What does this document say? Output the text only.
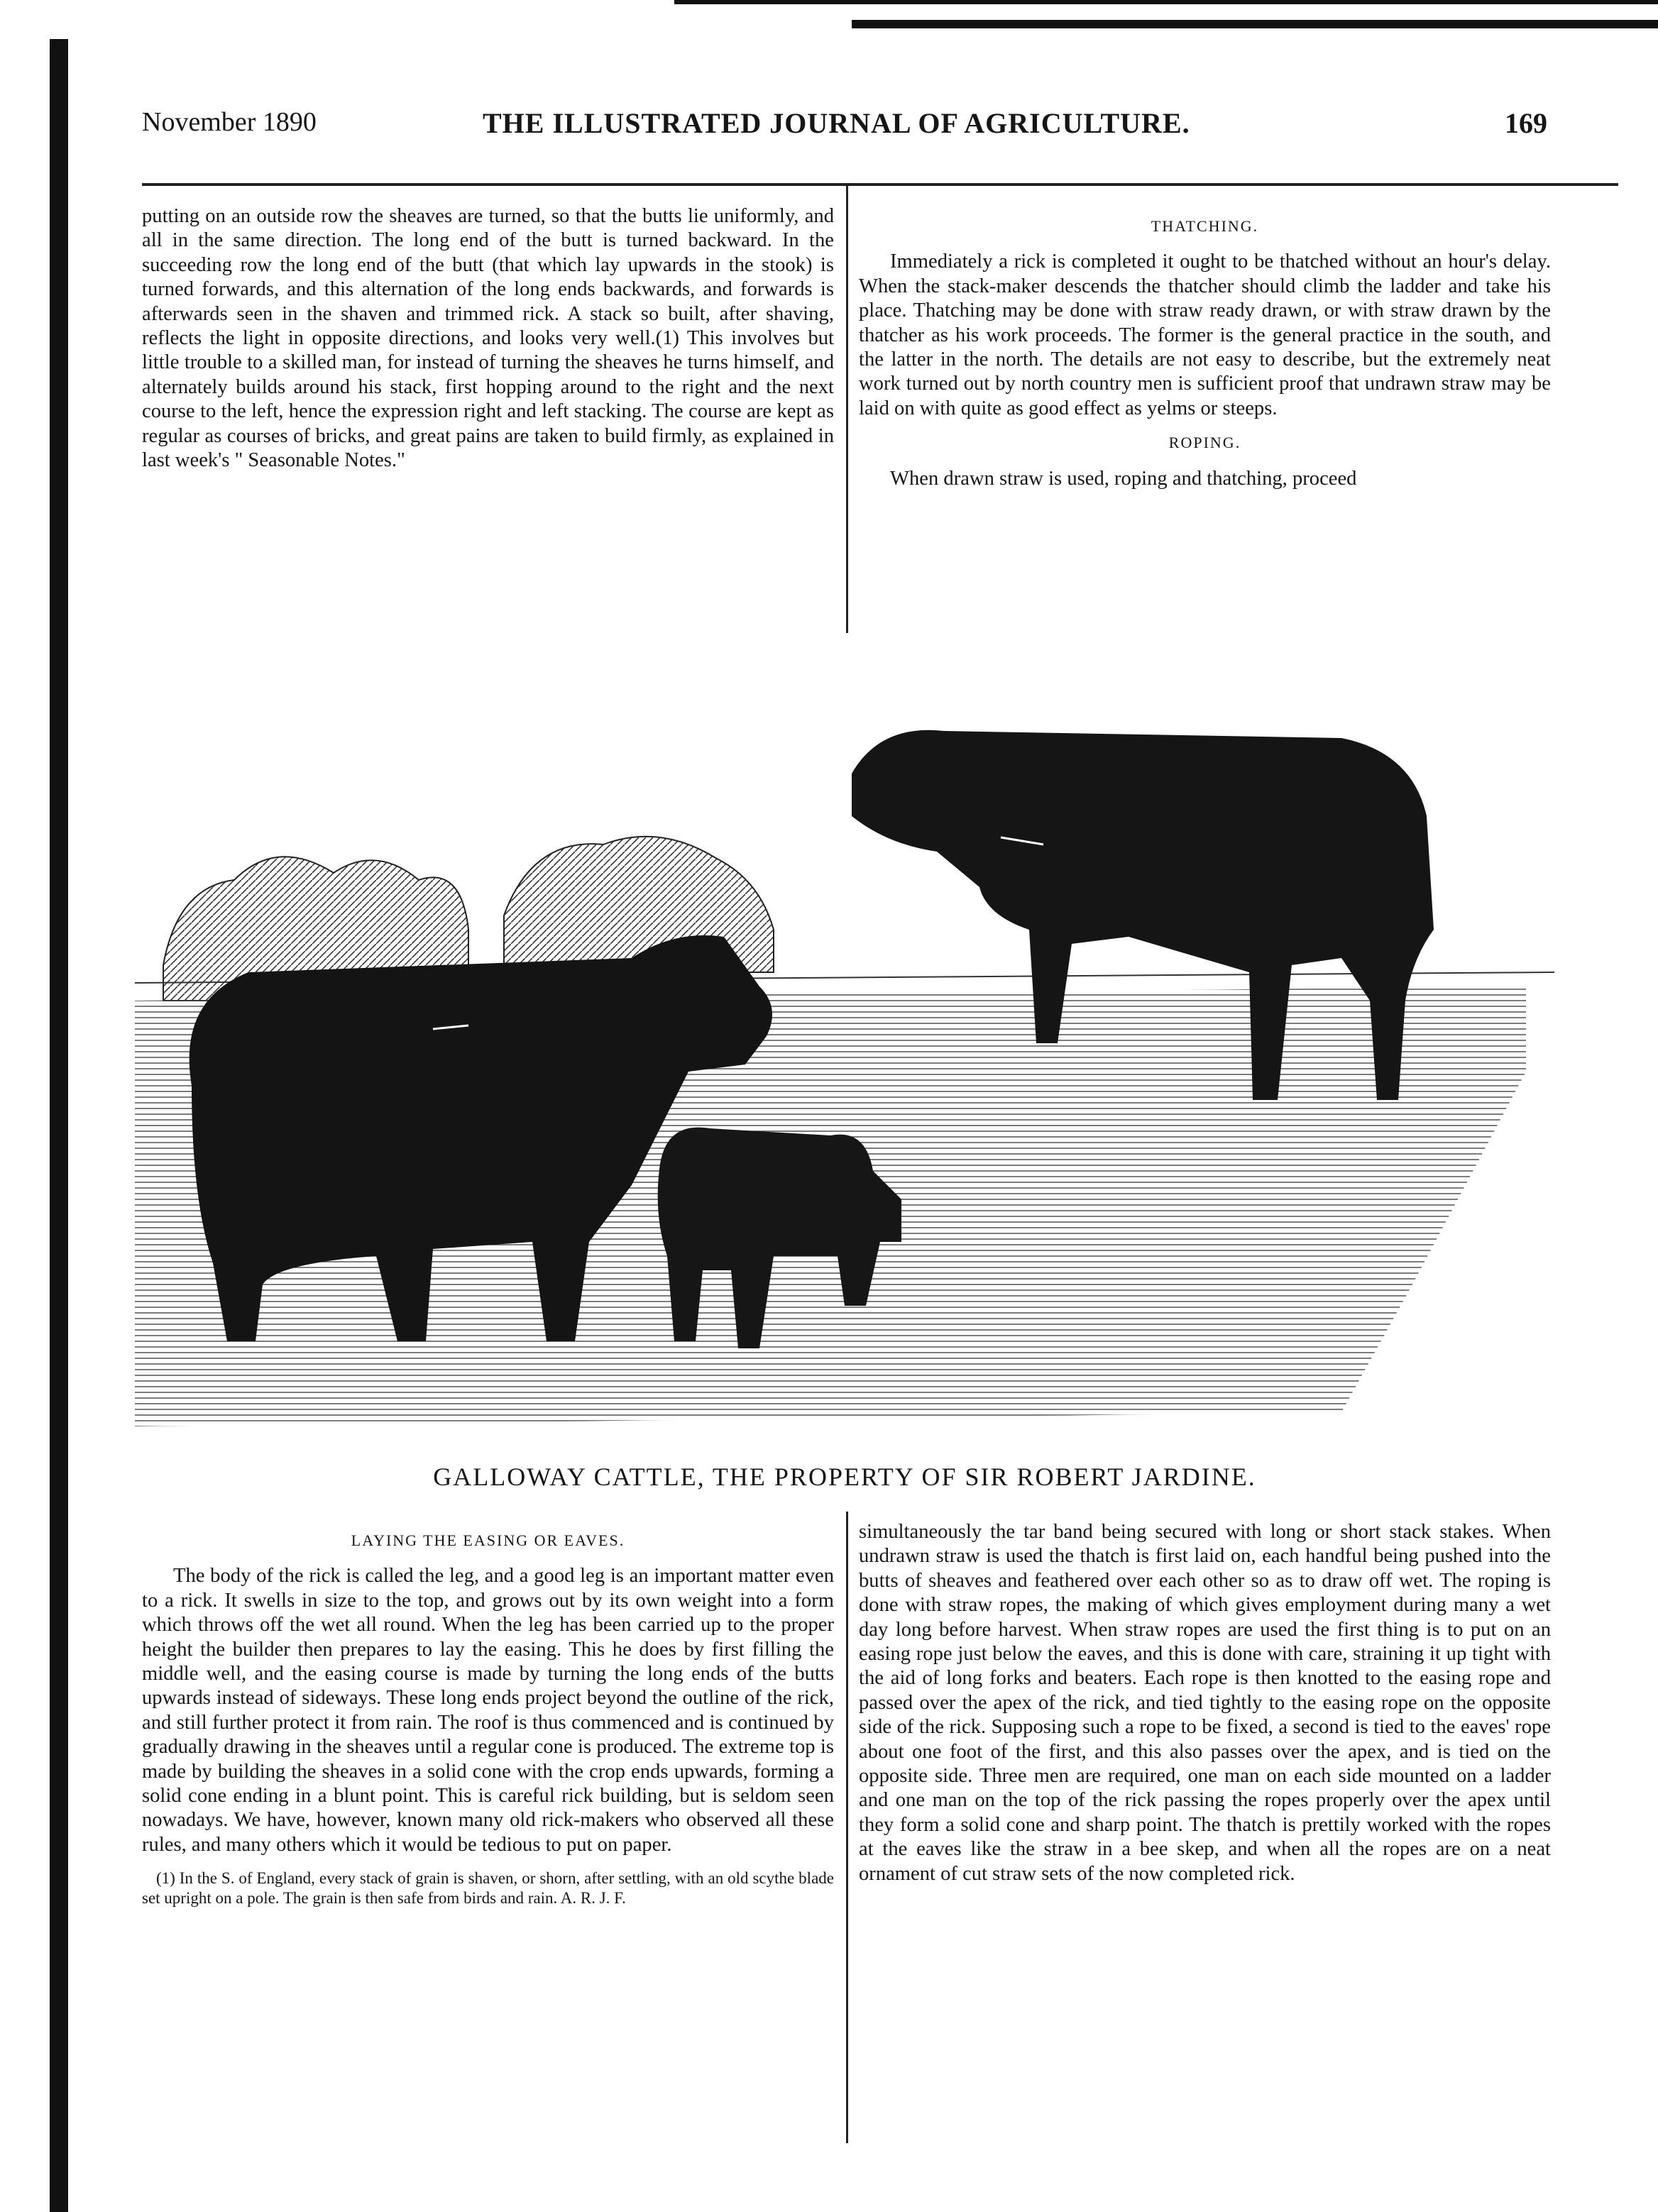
November 1890	THE ILLUSTRATED JOURNAL OF AGRICULTURE.	169

putting on an outside row the sheaves are turned, so that the butts lie uniformly, and all in the same direction. The long end of the butt is turned backward. In the succeeding row the long end of the butt (that which lay upwards in the stook) is turned forwards, and this alternation of the long ends backwards, and forwards is afterwards seen in the shaven and trimmed rick. A stack so built, after shaving, reflects the light in opposite directions, and looks very well.(1) This involves but little trouble to a skilled man, for instead of turning the sheaves he turns himself, and alternately builds around his stack, first hopping around to the right and the next course to the left, hence the expression right and left stacking. The course are kept as regular as courses of bricks, and great pains are taken to build firmly, as explained in last week's " Seasonable Notes."

THATCHING.

Immediately a rick is completed it ought to be thatched without an hour's delay. When the stack-maker descends the thatcher should climb the ladder and take his place. Thatching may be done with straw ready drawn, or with straw drawn by the thatcher as his work proceeds. The former is the general practice in the south, and the latter in the north. The details are not easy to describe, but the extremely neat work turned out by north country men is sufficient proof that undrawn straw may be laid on with quite as good effect as yelms or steeps.

ROPING.

When drawn straw is used, roping and thatching, proceed

GALLOWAY CATTLE, THE PROPERTY OF SIR ROBERT JARDINE.
LAYING THE EASING OR EAVES.

The body of the rick is called the leg, and a good leg is an important matter even to a rick. It swells in size to the top, and grows out by its own weight into a form which throws off the wet all round. When the leg has been carried up to the proper height the builder then prepares to lay the easing. This he does by first filling the middle well, and the easing course is made by turning the long ends of the butts upwards instead of sideways. These long ends project beyond the outline of the rick, and still further protect it from rain. The roof is thus commenced and is continued by gradually drawing in the sheaves until a regular cone is produced. The extreme top is made by building the sheaves in a solid cone with the crop ends upwards, forming a solid cone ending in a blunt point. This is careful rick building, but is seldom seen nowadays. We have, however, known many old rick-makers who observed all these rules, and many others which it would be tedious to put on paper.

(1) In the S. of England, every stack of grain is shaven, or shorn, after settling, with an old scythe blade set upright on a pole. The grain is then safe from birds and rain. A. R. J. F.

simultaneously the tar band being secured with long or short stack stakes. When undrawn straw is used the thatch is first laid on, each handful being pushed into the butts of sheaves and feathered over each other so as to draw off wet. The roping is done with straw ropes, the making of which gives employment during many a wet day long before harvest. When straw ropes are used the first thing is to put on an easing rope just below the eaves, and this is done with care, straining it up tight with the aid of long forks and beaters. Each rope is then knotted to the easing rope and passed over the apex of the rick, and tied tightly to the easing rope on the opposite side of the rick. Supposing such a rope to be fixed, a second is tied to the eaves' rope about one foot of the first, and this also passes over the apex, and is tied on the opposite side. Three men are required, one man on each side mounted on a ladder and one man on the top of the rick passing the ropes properly over the apex until they form a solid cone and sharp point. The thatch is prettily worked with the ropes at the eaves like the straw in a bee skep, and when all the ropes are on a neat ornament of cut straw sets of the now completed rick.
